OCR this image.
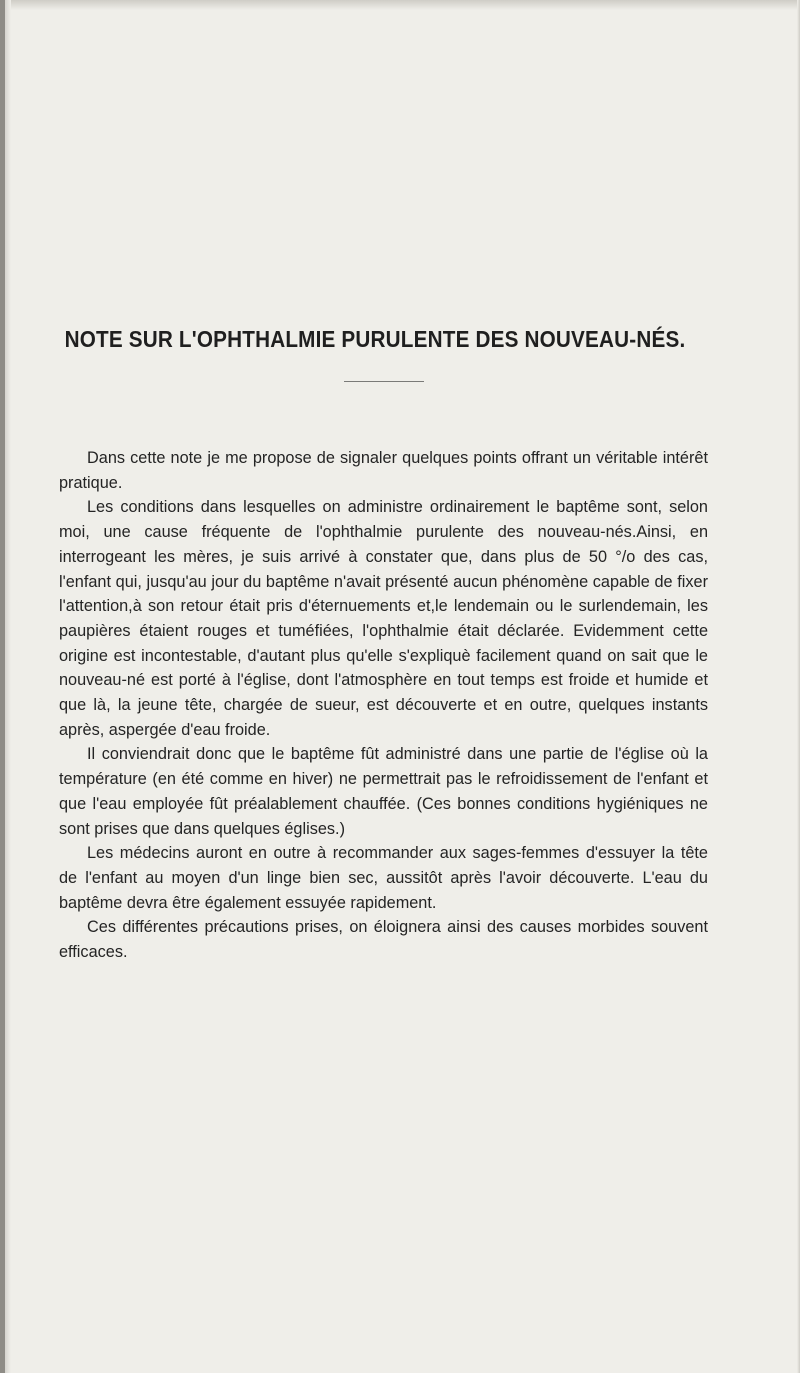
NOTE SUR L'OPHTHALMIE PURULENTE DES NOUVEAU-NÉS.

Dans cette note je me propose de signaler quelques points offrant un véritable intérêt pratique.

Les conditions dans lesquelles on administre ordinairement le baptême sont, selon moi, une cause fréquente de l'ophthalmie purulente des nouveau-nés.Ainsi, en interrogeant les mères, je suis arrivé à constater que, dans plus de 50 °/o des cas, l'enfant qui, jusqu'au jour du baptême n'avait présenté aucun phénomène capable de fixer l'attention,à son retour était pris d'éternuements et,le lendemain ou le surlendemain, les paupières étaient rouges et tuméfiées, l'ophthalmie était déclarée. Evidemment cette origine est incontestable, d'autant plus qu'elle s'expliquè facilement quand on sait que le nouveau-né est porté à l'église, dont l'atmosphère en tout temps est froide et humide et que là, la jeune tête, chargée de sueur, est découverte et en outre, quelques instants après, aspergée d'eau froide.

Il conviendrait donc que le baptême fût administré dans une partie de l'église où la température (en été comme en hiver) ne permettrait pas le refroidissement de l'enfant et que l'eau employée fût préalablement chauffée. (Ces bonnes conditions hygiéniques ne sont prises que dans quelques églises.)

Les médecins auront en outre à recommander aux sages-femmes d'essuyer la tête de l'enfant au moyen d'un linge bien sec, aussitôt après l'avoir découverte. L'eau du baptême devra être également essuyée rapidement.

Ces différentes précautions prises, on éloignera ainsi des causes morbides souvent efficaces.
